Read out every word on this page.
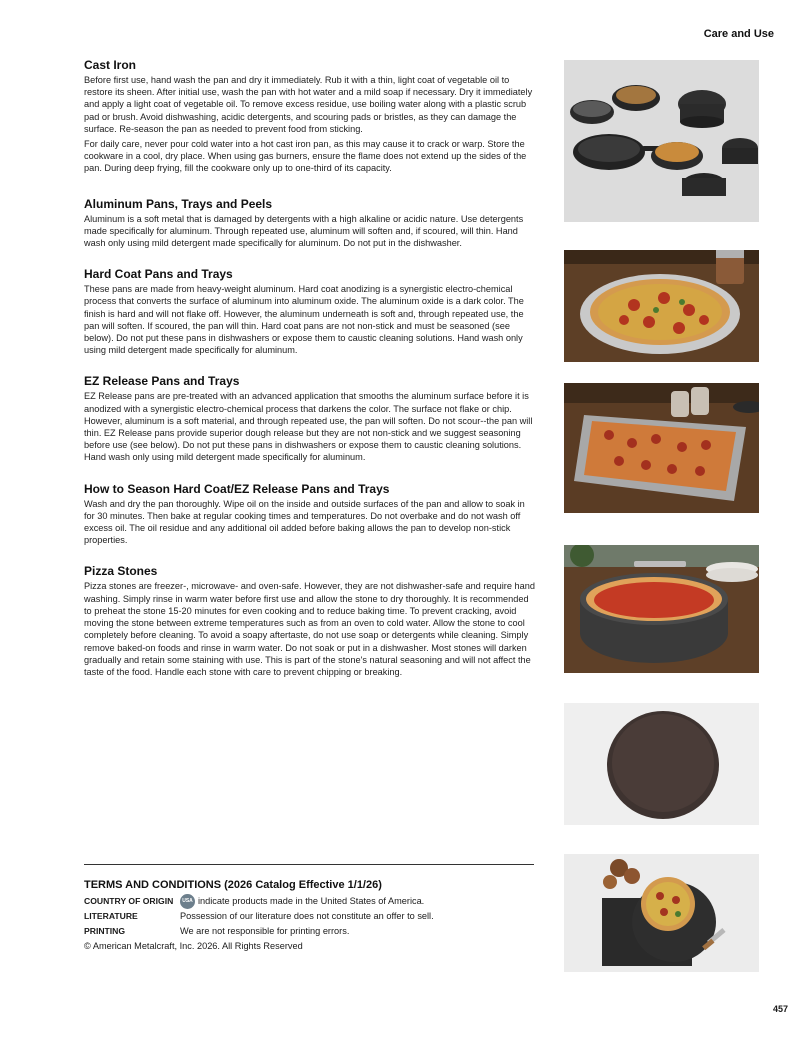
Care and Use
Cast Iron

Before first use, hand wash the pan and dry it immediately. Rub it with a thin, light coat of vegetable oil to restore its sheen. After initial use, wash the pan with hot water and a mild soap if necessary. Dry it immediately and apply a light coat of vegetable oil. To remove excess residue, use boiling water along with a plastic scrub pad or brush. Avoid dishwashing, acidic detergents, and scouring pads or bristles, as they can damage the surface. Re-season the pan as needed to prevent food from sticking.

For daily care, never pour cold water into a hot cast iron pan, as this may cause it to crack or warp. Store the cookware in a cool, dry place. When using gas burners, ensure the flame does not extend up the sides of the pan. During deep frying, fill the cookware only up to one-third of its capacity.

Aluminum Pans, Trays and Peels

Aluminum is a soft metal that is damaged by detergents with a high alkaline or acidic nature. Use detergents made specifically for aluminum. Through repeated use, aluminum will soften and, if scoured, will thin. Hand wash only using mild detergent made specifically for aluminum. Do not put in the dishwasher.

Hard Coat Pans and Trays

These pans are made from heavy-weight aluminum. Hard coat anodizing is a synergistic electro-chemical process that converts the surface of aluminum into aluminum oxide. The aluminum oxide is a dark color. The finish is hard and will not flake off. However, the aluminum underneath is soft and, through repeated use, the pan will soften. If scoured, the pan will thin. Hard coat pans are not non-stick and must be seasoned (see below). Do not put these pans in dishwashers or expose them to caustic cleaning solutions. Hand wash only using mild detergent made specifically for aluminum.

EZ Release Pans and Trays

EZ Release pans are pre-treated with an advanced application that smooths the aluminum surface before it is anodized with a synergistic electro-chemical process that darkens the color. The surface not flake or chip. However, aluminum is a soft material, and through repeated use, the pan will soften. Do not scour--the pan will thin. EZ Release pans provide superior dough release but they are not non-stick and we suggest seasoning before use (see below). Do not put these pans in dishwashers or expose them to caustic cleaning solutions. Hand wash only using mild detergent made specifically for aluminum.

How to Season Hard Coat/EZ Release Pans and Trays

Wash and dry the pan thoroughly. Wipe oil on the inside and outside surfaces of the pan and allow to soak in for 30 minutes. Then bake at regular cooking times and temperatures. Do not overbake and do not wash off excess oil. The oil residue and any additional oil added before baking allows the pan to develop non-stick properties.

Pizza Stones

Pizza stones are freezer-, microwave- and oven-safe. However, they are not dishwasher-safe and require hand washing. Simply rinse in warm water before first use and allow the stone to dry thoroughly. It is recommended to preheat the stone 15-20 minutes for even cooking and to reduce baking time. To prevent cracking, avoid moving the stone between extreme temperatures such as from an oven to cold water. Allow the stone to cool completely before cleaning. To avoid a soapy aftertaste, do not use soap or detergents while cleaning. Simply remove baked-on foods and rinse in warm water. Do not soak or put in a dishwasher. Most stones will darken gradually and retain some staining with use. This is part of the stone's natural seasoning and will not affect the taste of the food. Handle each stone with care to prevent chipping or breaking.

TERMS AND CONDITIONS (2026 Catalog Effective 1/1/26)
COUNTRY OF ORIGIN	USA indicate products made in the United States of America.
LITERATURE	Possession of our literature does not constitute an offer to sell.
PRINTING	We are not responsible for printing errors.
© American Metalcraft, Inc. 2026. All Rights Reserved
457
